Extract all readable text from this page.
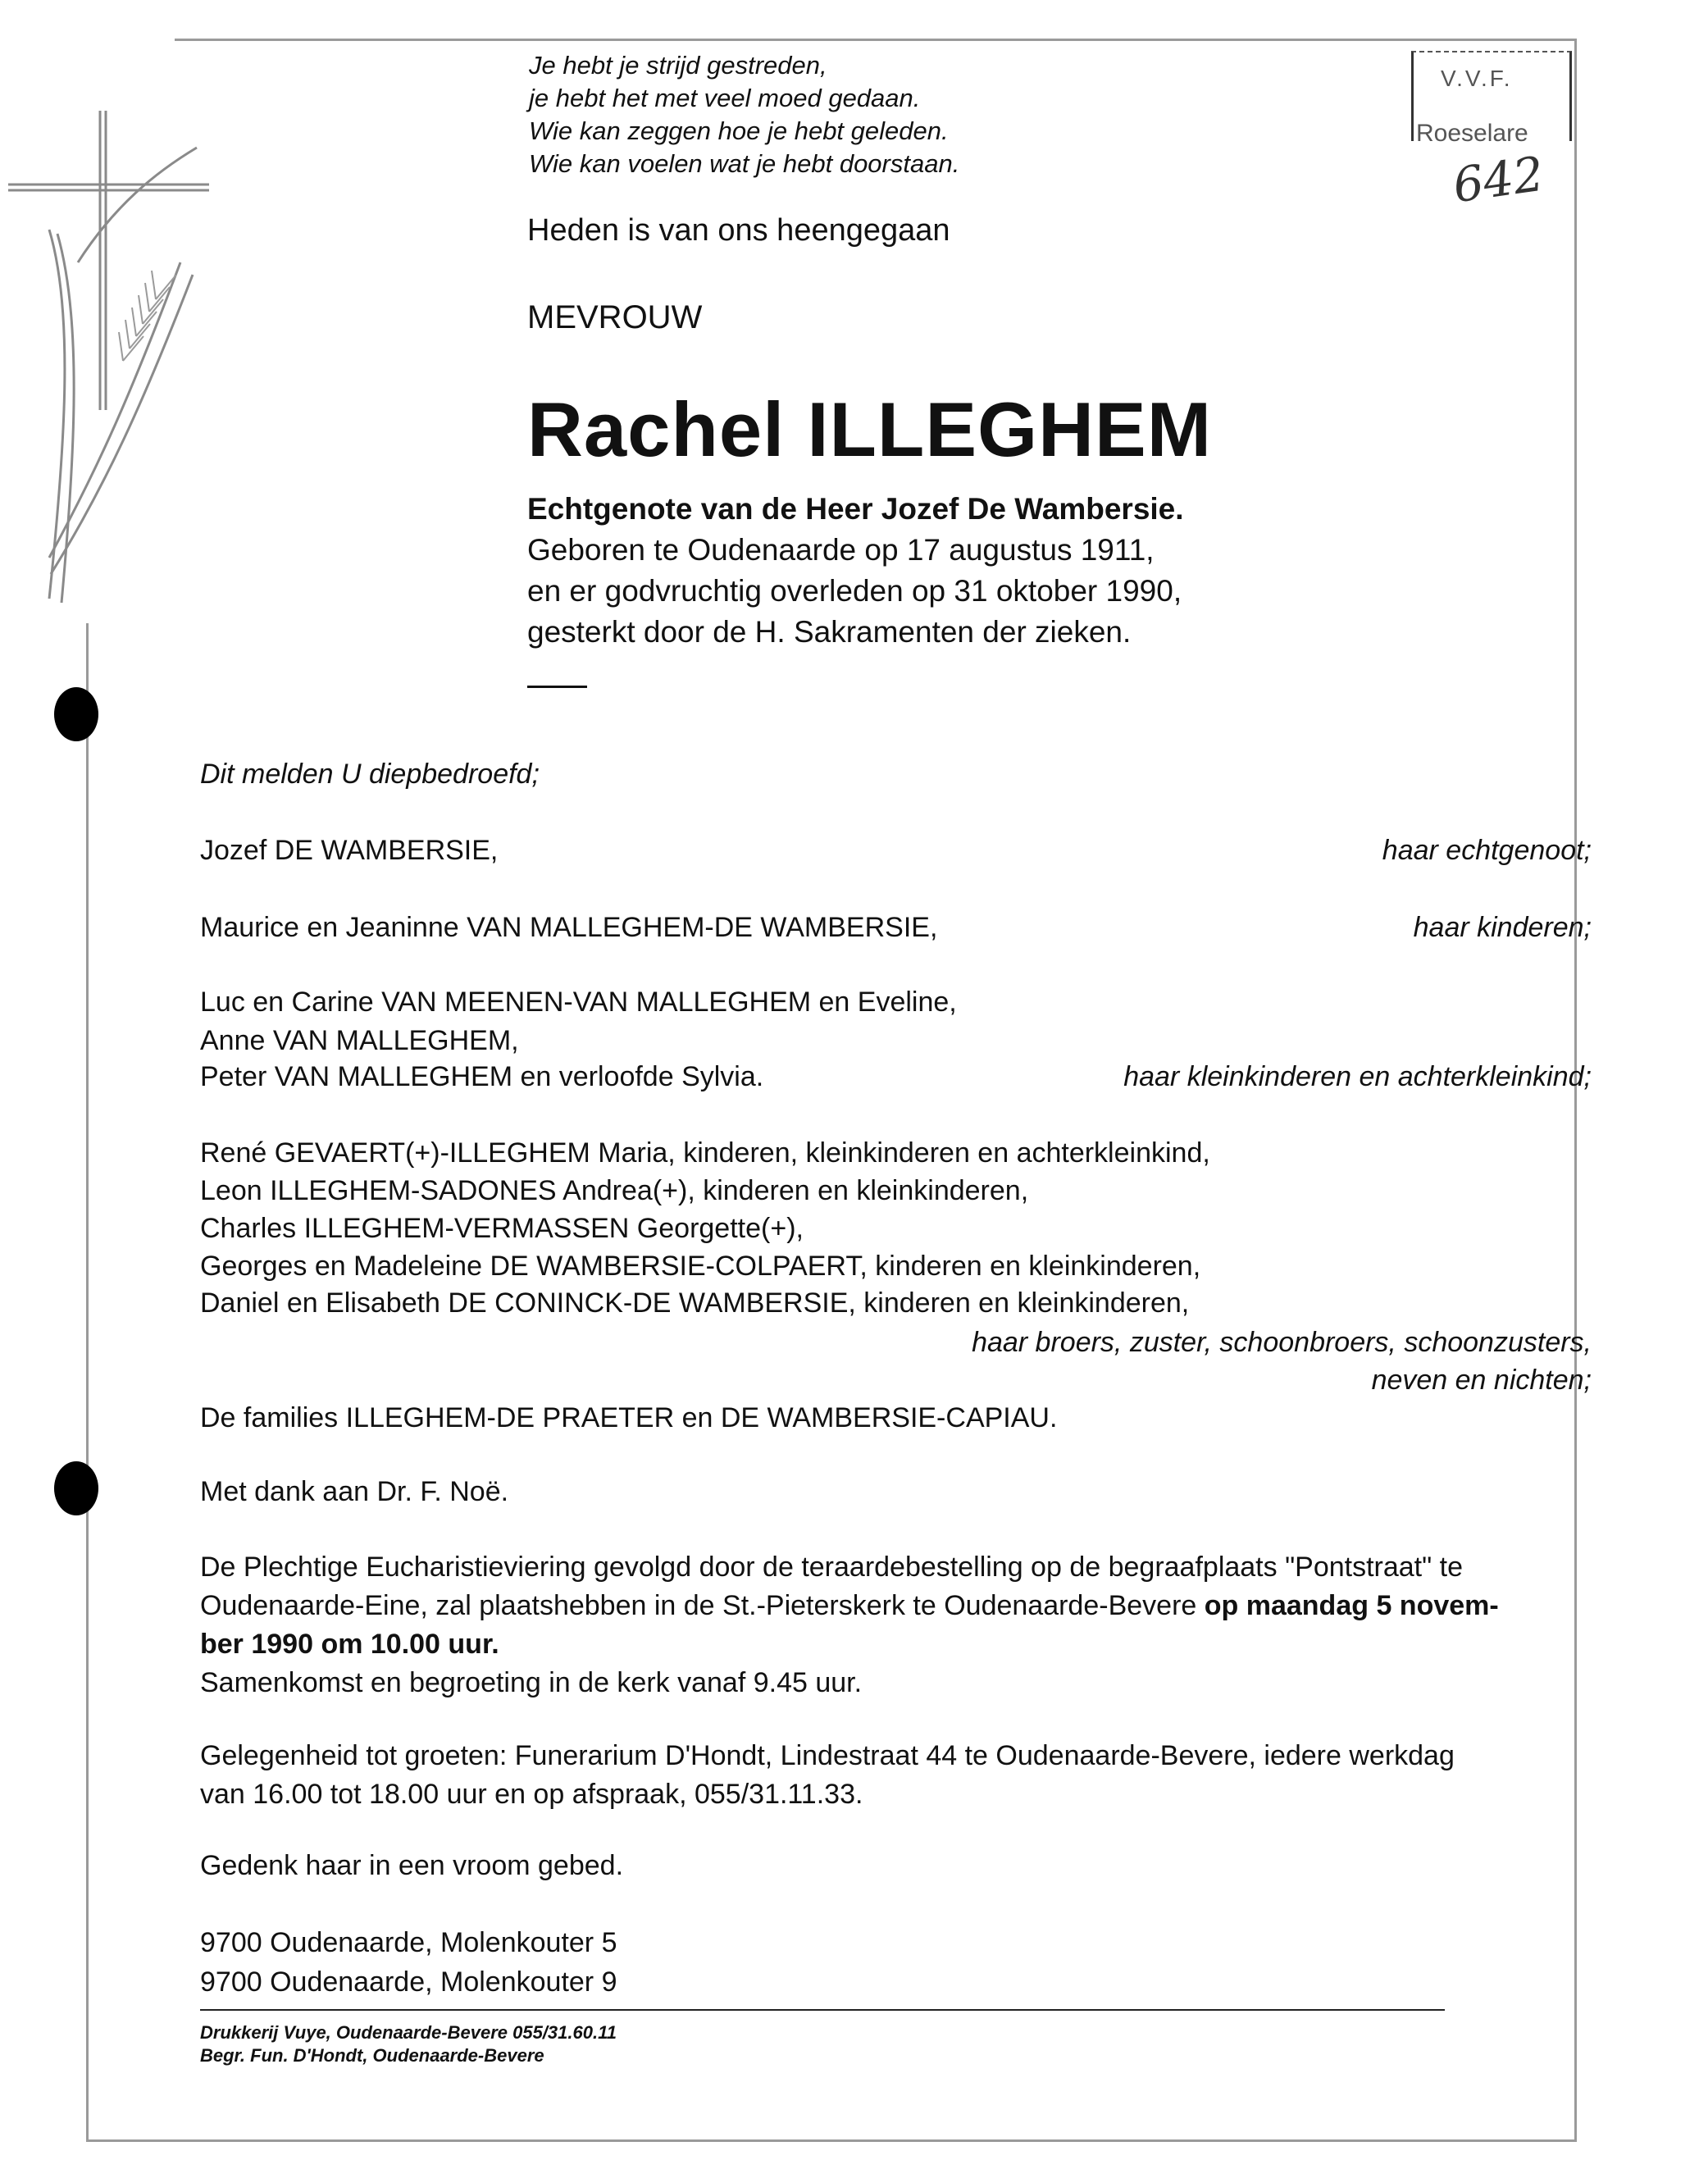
V.V.F.
Roeselare
642
Je hebt je strijd gestreden,
je hebt het met veel moed gedaan.
Wie kan zeggen hoe je hebt geleden.
Wie kan voelen wat je hebt doorstaan.
Heden is van ons heengegaan
MEVROUW
Rachel ILLEGHEM
Echtgenote van de Heer Jozef De Wambersie.
Geboren te Oudenaarde op 17 augustus 1911,
en er godvruchtig overleden op 31 oktober 1990,
gesterkt door de H. Sakramenten der zieken.
Dit melden U diepbedroefd;
Jozef DE WAMBERSIE,	haar echtgenoot;
Maurice en Jeaninne VAN MALLEGHEM-DE WAMBERSIE,	haar kinderen;
Luc en Carine VAN MEENEN-VAN MALLEGHEM en Eveline,
Anne VAN MALLEGHEM,
Peter VAN MALLEGHEM en verloofde Sylvia.	haar kleinkinderen en achterkleinkind;
René GEVAERT(+)-ILLEGHEM Maria, kinderen, kleinkinderen en achterkleinkind,
Leon ILLEGHEM-SADONES Andrea(+), kinderen en kleinkinderen,
Charles ILLEGHEM-VERMASSEN Georgette(+),
Georges en Madeleine DE WAMBERSIE-COLPAERT, kinderen en kleinkinderen,
Daniel en Elisabeth DE CONINCK-DE WAMBERSIE, kinderen en kleinkinderen,
haar broers, zuster, schoonbroers, schoonzusters,
neven en nichten;
De families ILLEGHEM-DE PRAETER en DE WAMBERSIE-CAPIAU.
Met dank aan Dr. F. Noë.
De Plechtige Eucharistieviering gevolgd door de teraardebestelling op de begraafplaats "Pontstraat" te
Oudenaarde-Eine, zal plaatshebben in de St.-Pieterskerk te Oudenaarde-Bevere op maandag 5 novem-
ber 1990 om 10.00 uur.
Samenkomst en begroeting in de kerk vanaf 9.45 uur.
Gelegenheid tot groeten: Funerarium D'Hondt, Lindestraat 44 te Oudenaarde-Bevere, iedere werkdag
van 16.00 tot 18.00 uur en op afspraak, 055/31.11.33.
Gedenk haar in een vroom gebed.
9700 Oudenaarde, Molenkouter 5
9700 Oudenaarde, Molenkouter 9
Drukkerij Vuye, Oudenaarde-Bevere 055/31.60.11
Begr. Fun. D'Hondt, Oudenaarde-Bevere
